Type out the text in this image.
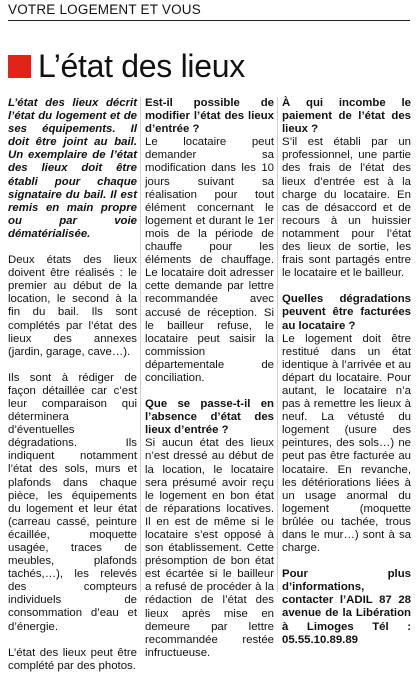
VOTRE LOGEMENT ET VOUS
L’état des lieux

L’état des lieux décrit l’état du logement et de ses équipements. Il doit être joint au bail. Un exemplaire de l’état des lieux doit être établi pour chaque signataire du bail. Il est remis en main propre ou par voie dématérialisée.

Deux états des lieux doivent être réalisés : le premier au début de la location, le second à la fin du bail. Ils sont complétés par l’état des lieux des annexes (jardin, garage, cave…).

Ils sont à rédiger de façon détaillée car c’est leur comparaison qui déterminera d’éventuelles dégradations. Ils indiquent notamment l’état des sols, murs et plafonds dans chaque pièce, les équipements du logement et leur état (carreau cassé, peinture écaillée, moquette usagée, traces de meubles, plafonds tachés,…), les relevés des compteurs individuels de consommation d’eau et d’énergie.

L’état des lieux peut être complété par des photos.

Est-il possible de modifier l’état des lieux d’entrée ?

Le locataire peut demander sa modification dans les 10 jours suivant sa réalisation pour tout élément concernant le logement et durant le 1er mois de la période de chauffe pour les éléments de chauffage. Le locataire doit adresser cette demande par lettre recommandée avec accusé de réception. Si le bailleur refuse, le locataire peut saisir la commission départementale de conciliation.

Que se passe-t-il en l’absence d’état des lieux d’entrée ?

Si aucun état des lieux n’est dressé au début de la location, le locataire sera présumé avoir reçu le logement en bon état de réparations locatives. Il en est de même si le locataire s’est opposé à son établissement. Cette présomption de bon état est écartée si le bailleur a refusé de procéder à la rédaction de l’état des lieux après mise en demeure par lettre recommandée restée infructueuse.

À qui incombe le paiement de l’état des lieux ?

S’il est établi par un professionnel, une partie des frais de l’état des lieux d’entrée est à la charge du locataire. En cas de désaccord et de recours à un huissier notamment pour l’état des lieux de sortie, les frais sont partagés entre le locataire et le bailleur.

Quelles dégradations peuvent être facturées au locataire ?

Le logement doit être restitué dans un état identique à l’arrivée et au départ du locataire. Pour autant, le locataire n’a pas à remettre les lieux à neuf. La vétusté du logement (usure des peintures, des sols…) ne peut pas être facturée au locataire. En revanche, les détériorations liées à un usage anormal du logement (moquette brûlée ou tachée, trous dans le mur…) sont à sa charge.

Pour plus d’informations, contacter l’ADIL 87 28 avenue de la Libération à Limoges Tél : 05.55.10.89.89
